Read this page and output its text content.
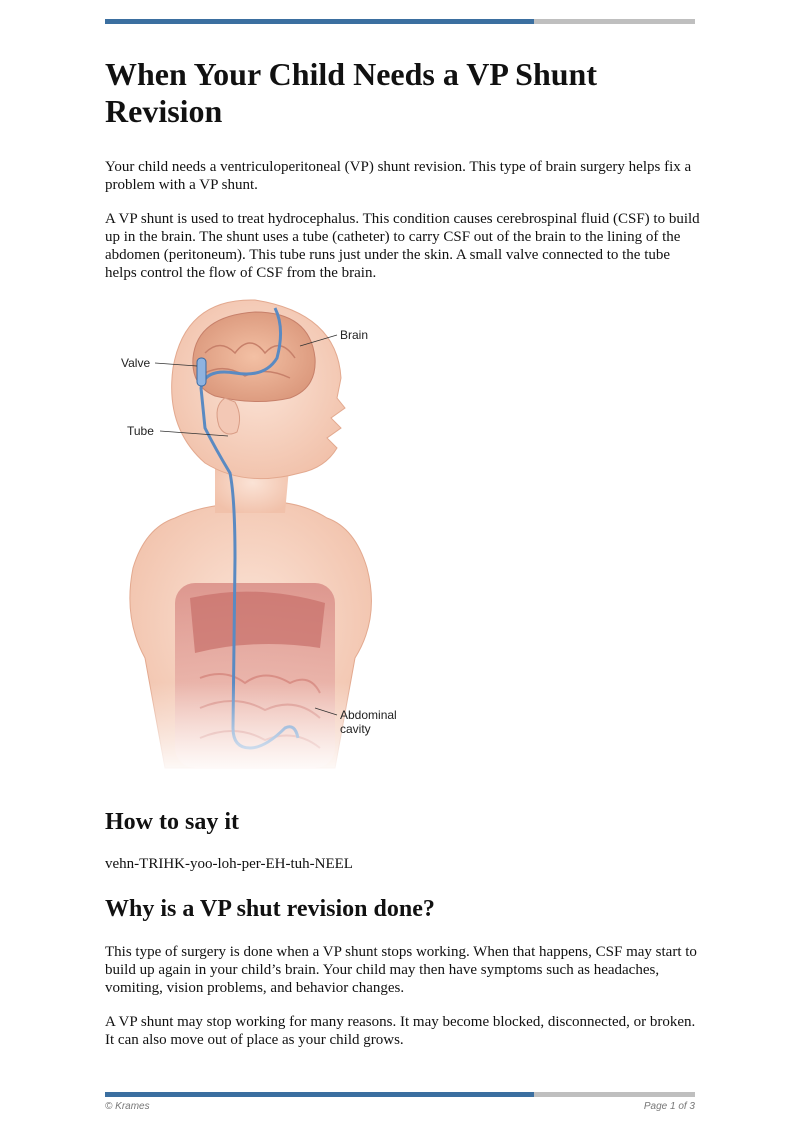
When Your Child Needs a VP Shunt Revision

Your child needs a ventriculoperitoneal (VP) shunt revision. This type of brain surgery helps fix a problem with a VP shunt.

A VP shunt is used to treat hydrocephalus. This condition causes cerebrospinal fluid (CSF) to build up in the brain. The shunt uses a tube (catheter) to carry CSF out of the brain to the lining of the abdomen (peritoneum). This tube runs just under the skin. A small valve connected to the tube helps control the flow of CSF from the brain.

Brain
Valve
Tube
Abdominal
cavity
How to say it

vehn-TRIHK-yoo-loh-per-EH-tuh-NEEL

Why is a VP shut revision done?

This type of surgery is done when a VP shunt stops working. When that happens, CSF may start to build up again in your child’s brain. Your child may then have symptoms such as headaches, vomiting, vision problems, and behavior changes.

A VP shunt may stop working for many reasons. It may become blocked, disconnected, or broken. It can also move out of place as your child grows.

© Krames	Page 1 of 3
